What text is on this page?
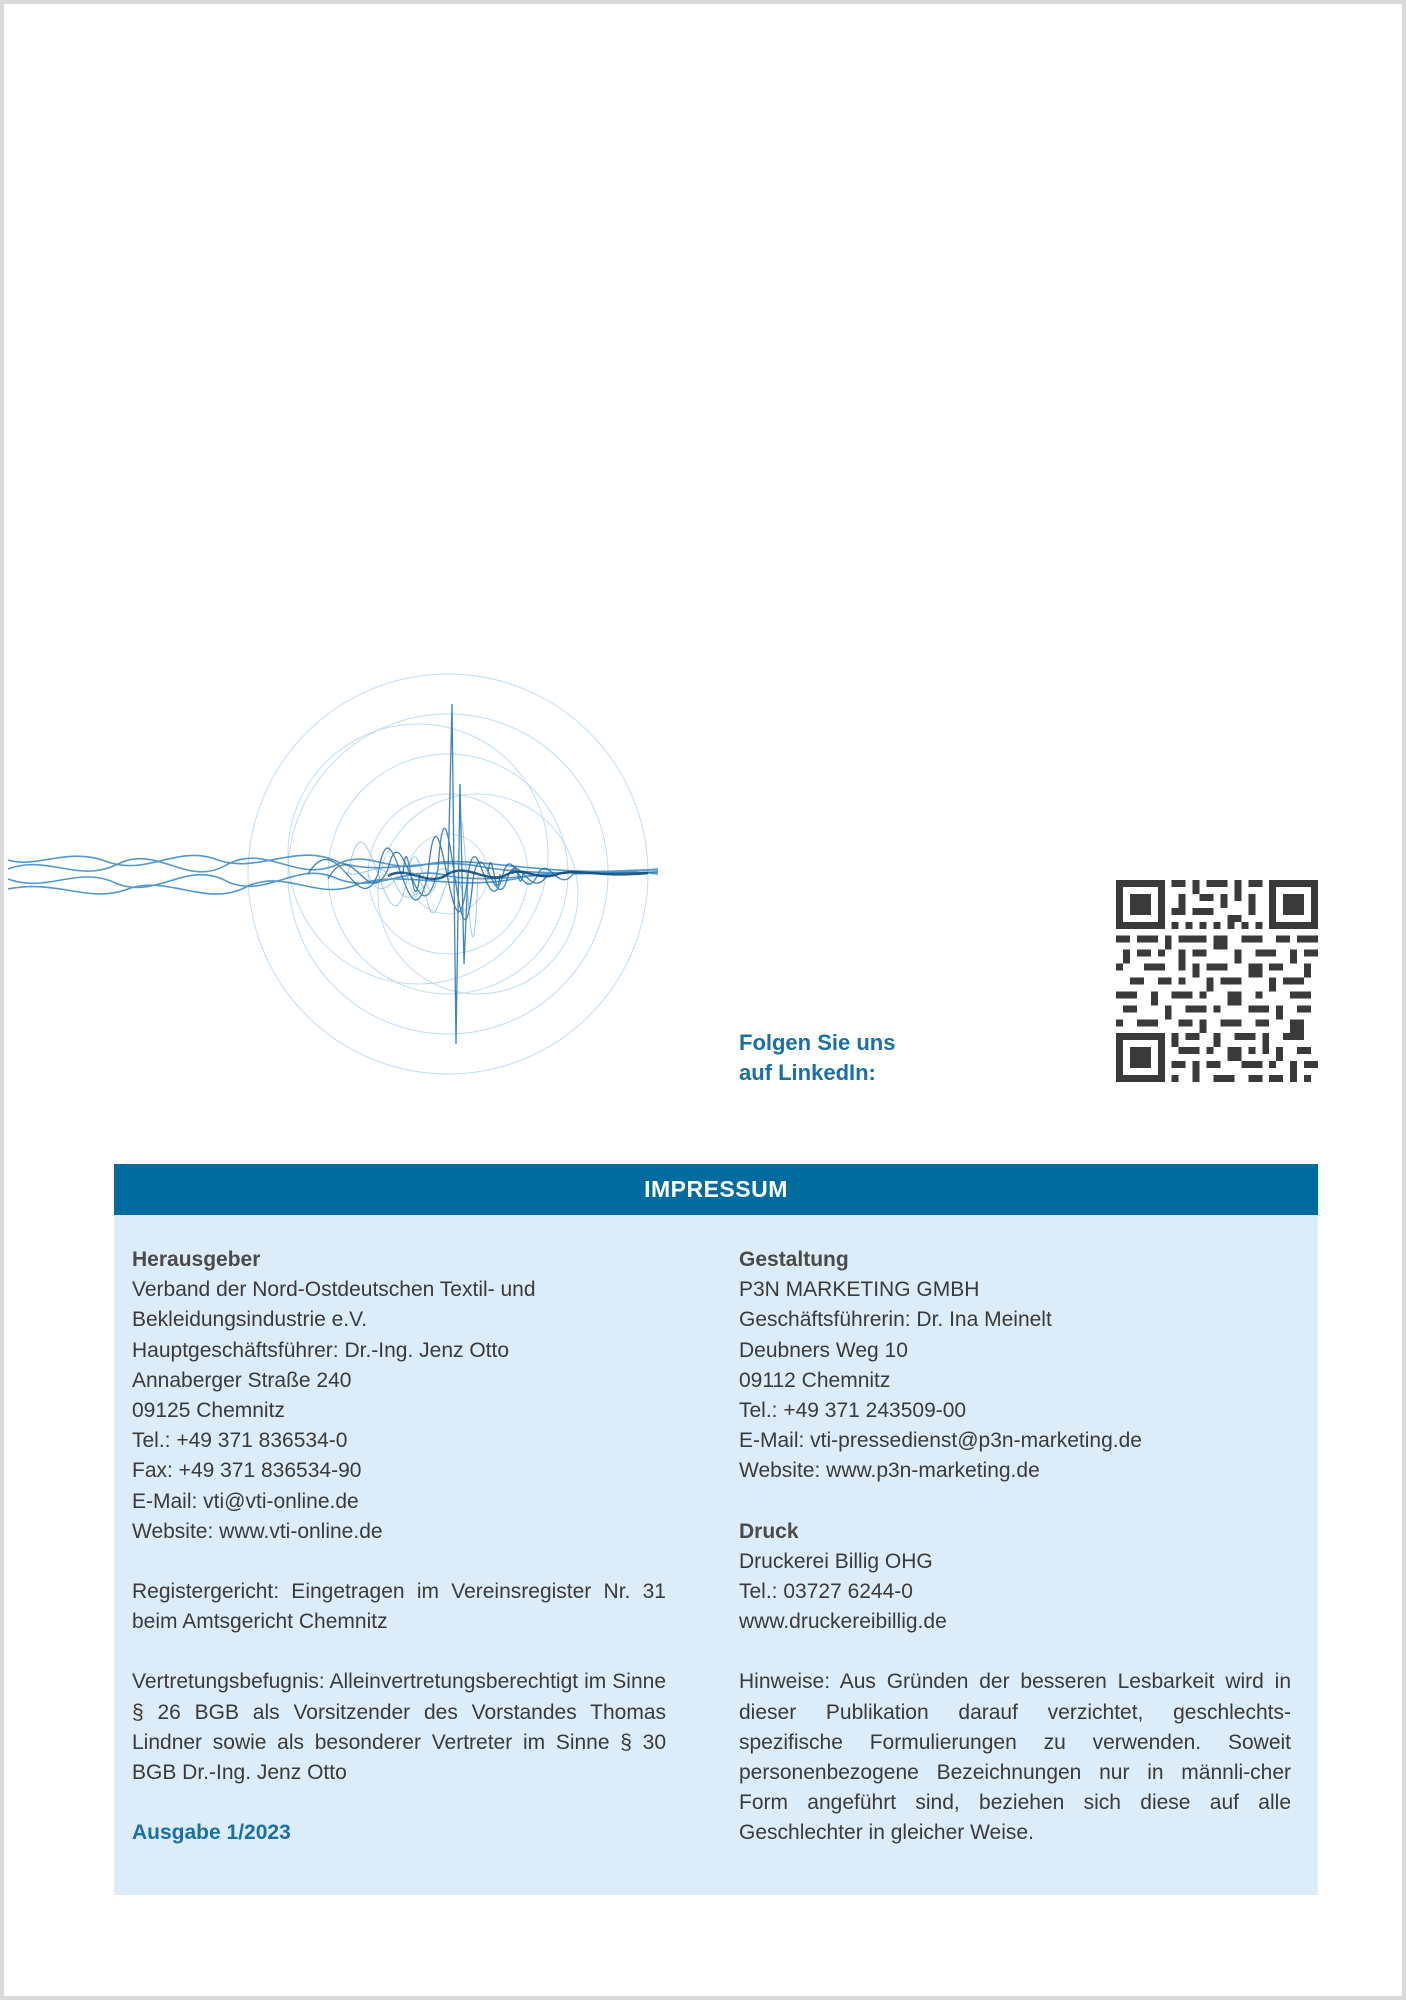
Folgen Sie uns
auf LinkedIn:
IMPRESSUM
Herausgeber
Verband der Nord-Ostdeutschen Textil- und
Bekleidungsindustrie e.V.
Hauptgeschäftsführer: Dr.-Ing. Jenz Otto
Annaberger Straße 240
09125 Chemnitz
Tel.: +49 371 836534-0
Fax: +49 371 836534-90
E-Mail: vti@vti-online.de
Website: www.vti-online.de
Registergericht: Eingetragen im Vereinsregister Nr. 31 beim Amtsgericht Chemnitz
Vertretungsbefugnis: Alleinvertretungsberechtigt im Sinne § 26 BGB als Vorsitzender des Vorstandes Thomas Lindner sowie als besonderer Vertreter im Sinne § 30 BGB Dr.-Ing. Jenz Otto
Ausgabe 1/2023
Gestaltung
P3N MARKETING GMBH
Geschäftsführerin: Dr. Ina Meinelt
Deubners Weg 10
09112 Chemnitz
Tel.: +49 371 243509-00
E-Mail: vti-pressedienst@p3n-marketing.de
Website: www.p3n-marketing.de
Druck
Druckerei Billig OHG
Tel.: 03727 6244-0
www.druckereibillig.de
Hinweise: Aus Gründen der besseren Lesbarkeit wird in dieser Publikation darauf verzichtet, geschlechts-spezifische Formulierungen zu verwenden. Soweit personenbezogene Bezeichnungen nur in männli-cher Form angeführt sind, beziehen sich diese auf alle Geschlechter in gleicher Weise.
